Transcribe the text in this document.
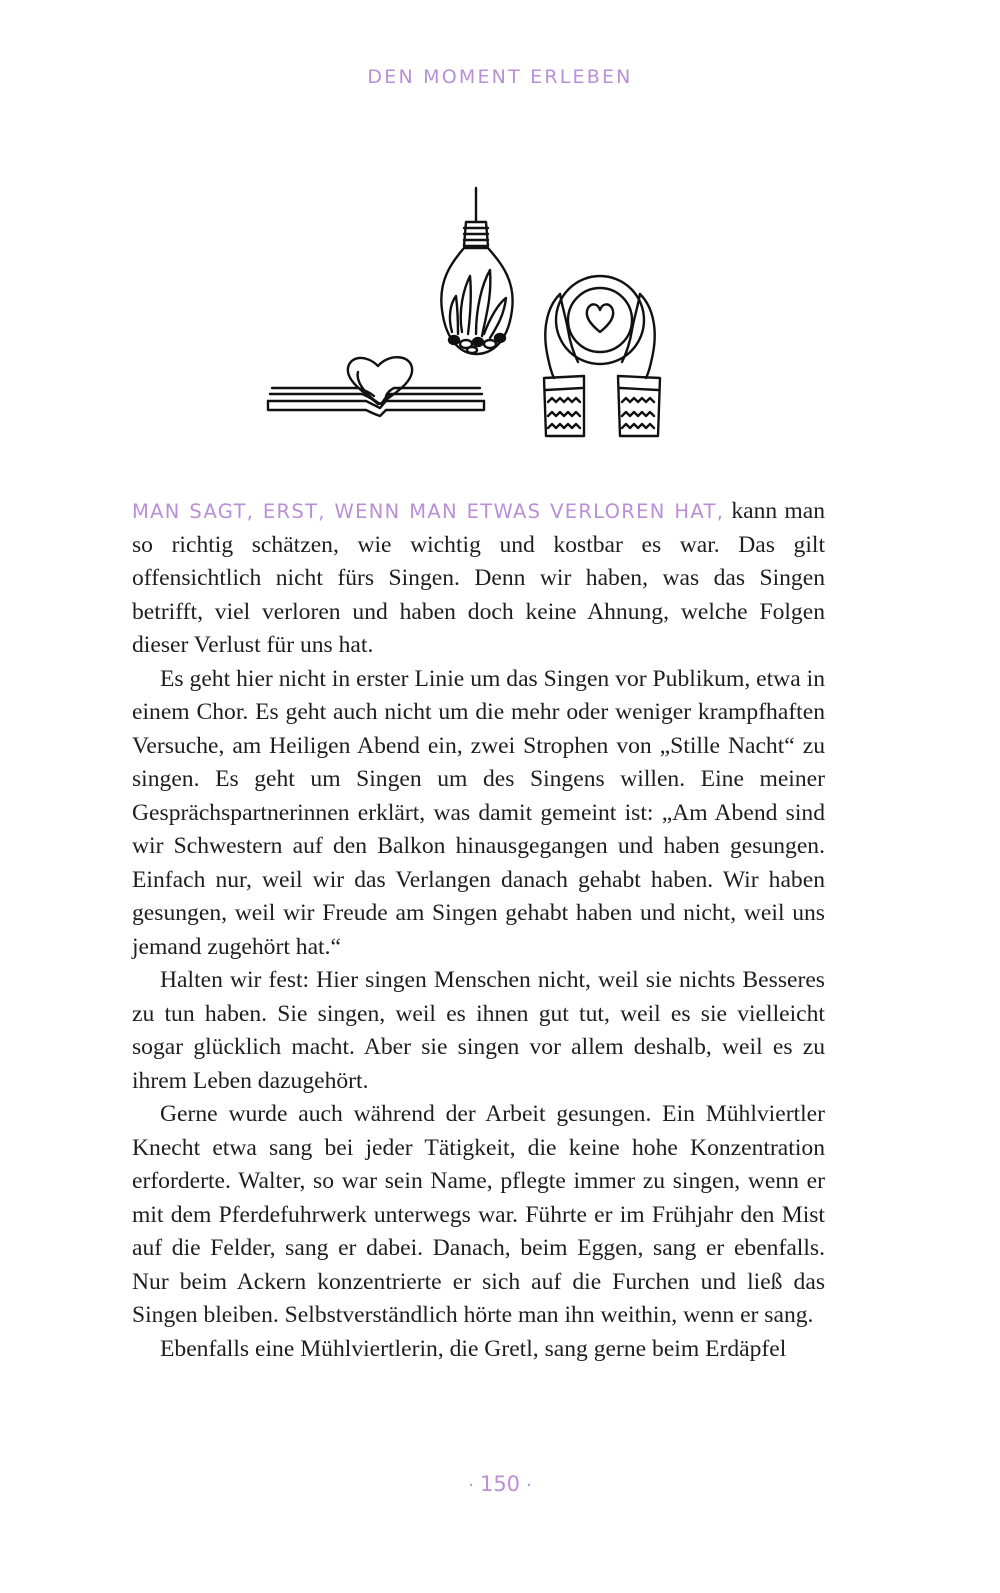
DEN MOMENT ERLEBEN

MAN SAGT, ERST, WENN MAN ETWAS VERLOREN HAT, kann man so richtig schätzen, wie wichtig und kostbar es war. Das gilt offensichtlich nicht fürs Singen. Denn wir haben, was das Singen betrifft, viel verloren und haben doch keine Ahnung, welche Folgen dieser Verlust für uns hat.

Es geht hier nicht in erster Linie um das Singen vor Publikum, etwa in einem Chor. Es geht auch nicht um die mehr oder weniger krampfhaften Versuche, am Heiligen Abend ein, zwei Strophen von „Stille Nacht“ zu singen. Es geht um Singen um des Singens willen. Eine meiner Gesprächspartnerinnen erklärt, was damit gemeint ist: „Am Abend sind wir Schwestern auf den Balkon hinausgegangen und haben gesungen. Einfach nur, weil wir das Verlangen danach gehabt haben. Wir haben gesungen, weil wir Freude am Singen gehabt haben und nicht, weil uns jemand zugehört hat.“

Halten wir fest: Hier singen Menschen nicht, weil sie nichts Besseres zu tun haben. Sie singen, weil es ihnen gut tut, weil es sie vielleicht sogar glücklich macht. Aber sie singen vor allem deshalb, weil es zu ihrem Leben dazugehört.

Gerne wurde auch während der Arbeit gesungen. Ein Mühlviertler Knecht etwa sang bei jeder Tätigkeit, die keine hohe Konzentration erforderte. Walter, so war sein Name, pflegte immer zu singen, wenn er mit dem Pferdefuhrwerk unterwegs war. Führte er im Frühjahr den Mist auf die Felder, sang er dabei. Danach, beim Eggen, sang er ebenfalls. Nur beim Ackern konzentrierte er sich auf die Furchen und ließ das Singen bleiben. Selbstverständlich hörte man ihn weithin, wenn er sang.

Ebenfalls eine Mühlviertlerin, die Gretl, sang gerne beim Erdäpfel

· 150 ·
